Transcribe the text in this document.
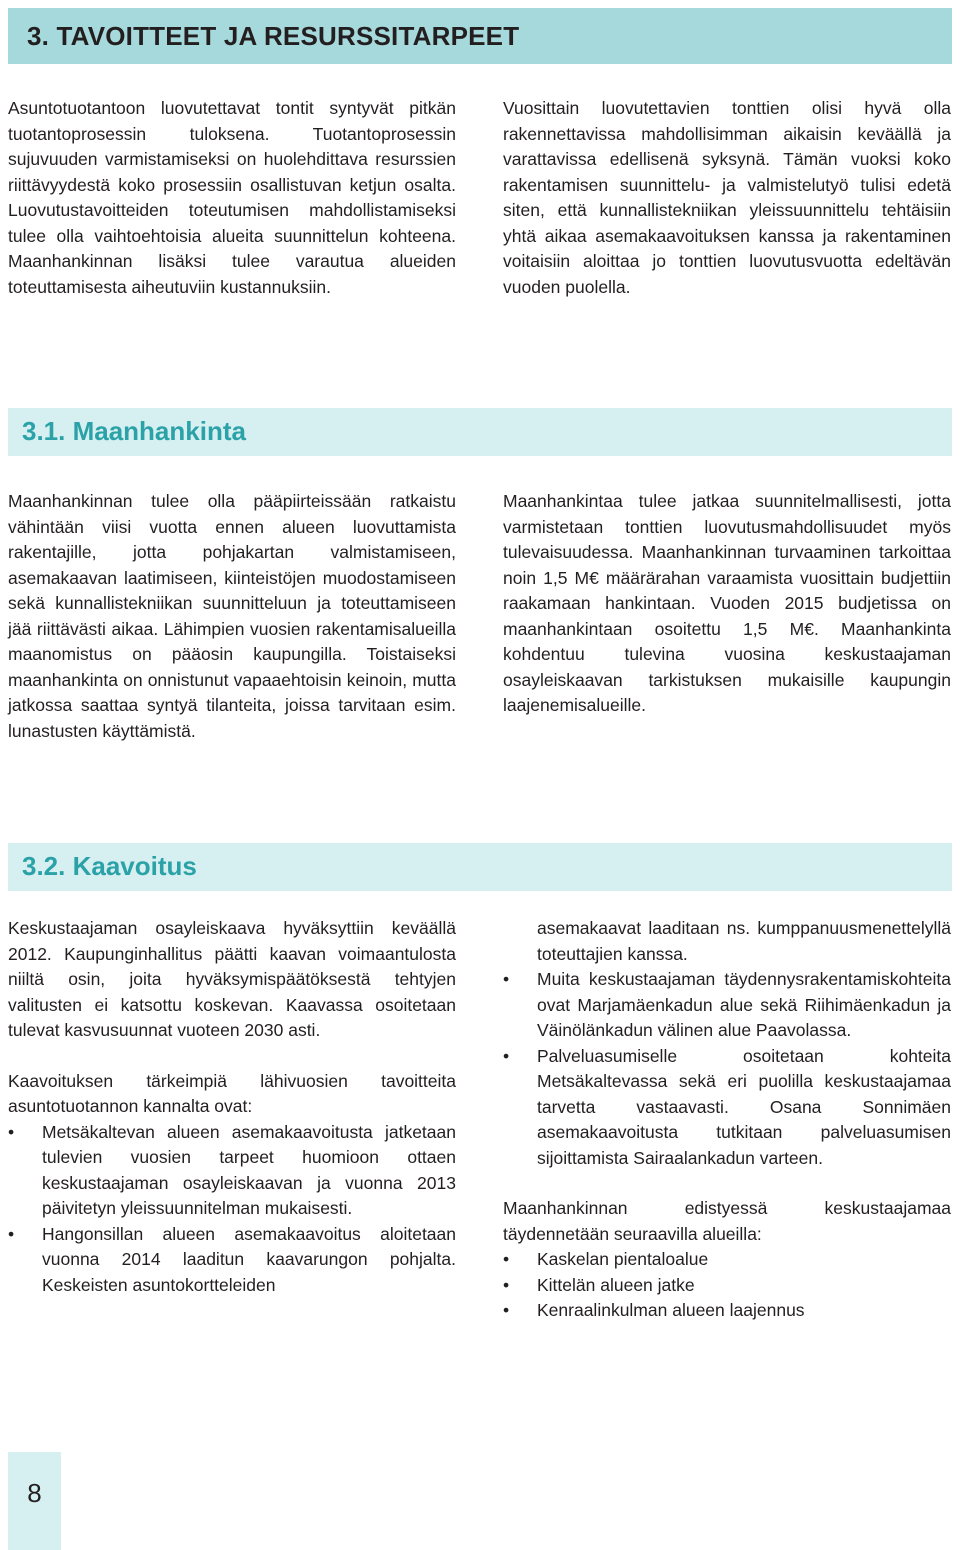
3. TAVOITTEET JA RESURSSITARPEET

Asuntotuotantoon luovutettavat tontit syntyvät pitkän tuotantoprosessin tuloksena. Tuotantoprosessin sujuvuuden varmistamiseksi on huolehdittava resurssien riittävyydestä koko prosessiin osallistuvan ketjun osalta. Luovutustavoitteiden toteutumisen mahdollistamiseksi tulee olla vaihtoehtoisia alueita suunnittelun kohteena. Maanhankinnan lisäksi tulee varautua alueiden toteuttamisesta aiheutuviin kustannuksiin.

Vuosittain luovutettavien tonttien olisi hyvä olla rakennettavissa mahdollisimman aikaisin keväällä ja varattavissa edellisenä syksynä. Tämän vuoksi koko rakentamisen suunnittelu- ja valmistelutyö tulisi edetä siten, että kunnallistekniikan yleissuunnittelu tehtäisiin yhtä aikaa asemakaavoituksen kanssa ja rakentaminen voitaisiin aloittaa jo tonttien luovutusvuotta edeltävän vuoden puolella.

3.1. Maanhankinta

Maanhankinnan tulee olla pääpiirteissään ratkaistu vähintään viisi vuotta ennen alueen luovuttamista rakentajille, jotta pohjakartan valmistamiseen, asemakaavan laatimiseen, kiinteistöjen muodostamiseen sekä kunnallistekniikan suunnitteluun ja toteuttamiseen jää riittävästi aikaa. Lähimpien vuosien rakentamisalueilla maanomistus on pääosin kaupungilla. Toistaiseksi maanhankinta on onnistunut vapaaehtoisin keinoin, mutta jatkossa saattaa syntyä tilanteita, joissa tarvitaan esim. lunastusten käyttämistä.

Maanhankintaa tulee jatkaa suunnitelmallisesti, jotta varmistetaan tonttien luovutusmahdollisuudet myös tulevaisuudessa. Maanhankinnan turvaaminen tarkoittaa noin 1,5 M€ määrärahan varaamista vuosittain budjettiin raakamaan hankintaan. Vuoden 2015 budjetissa on maanhankintaan osoitettu 1,5 M€. Maanhankinta kohdentuu tulevina vuosina keskustaajaman osayleiskaavan tarkistuksen mukaisille kaupungin laajenemisalueille.

3.2. Kaavoitus

Keskustaajaman osayleiskaava hyväksyttiin keväällä 2012. Kaupunginhallitus päätti kaavan voimaantulosta niiltä osin, joita hyväksymispäätöksestä tehtyjen valitusten ei katsottu koskevan. Kaavassa osoitetaan tulevat kasvusuunnat vuoteen 2030 asti.

Kaavoituksen tärkeimpiä lähivuosien tavoitteita asuntotuotannon kannalta ovat:

• Metsäkaltevan alueen asemakaavoitusta jatketaan tulevien vuosien tarpeet huomioon ottaen keskustaajaman osayleiskaavan ja vuonna 2013 päivitetyn yleissuunnitelman mukaisesti.
• Hangonsillan alueen asemakaavoitus aloitetaan vuonna 2014 laaditun kaavarungon pohjalta. Keskeisten asuntokortteleiden
asemakaavat laaditaan ns. kumppanuusmenettelyllä toteuttajien kanssa.
• Muita keskustaajaman täydennysrakentamiskohteita ovat Marjamäenkadun alue sekä Riihimäenkadun ja Väinölänkadun välinen alue Paavolassa.
• Palveluasumiselle osoitetaan kohteita Metsäkaltevassa sekä eri puolilla keskustaajamaa tarvetta vastaavasti. Osana Sonnimäen asemakaavoitusta tutkitaan palveluasumisen sijoittamista Sairaalankadun varteen.

Maanhankinnan edistyessä keskustaajamaa täydennetään seuraavilla alueilla:

• Kaskelan pientaloalue
• Kittelän alueen jatke
• Kenraalinkulman alueen laajennus
8
